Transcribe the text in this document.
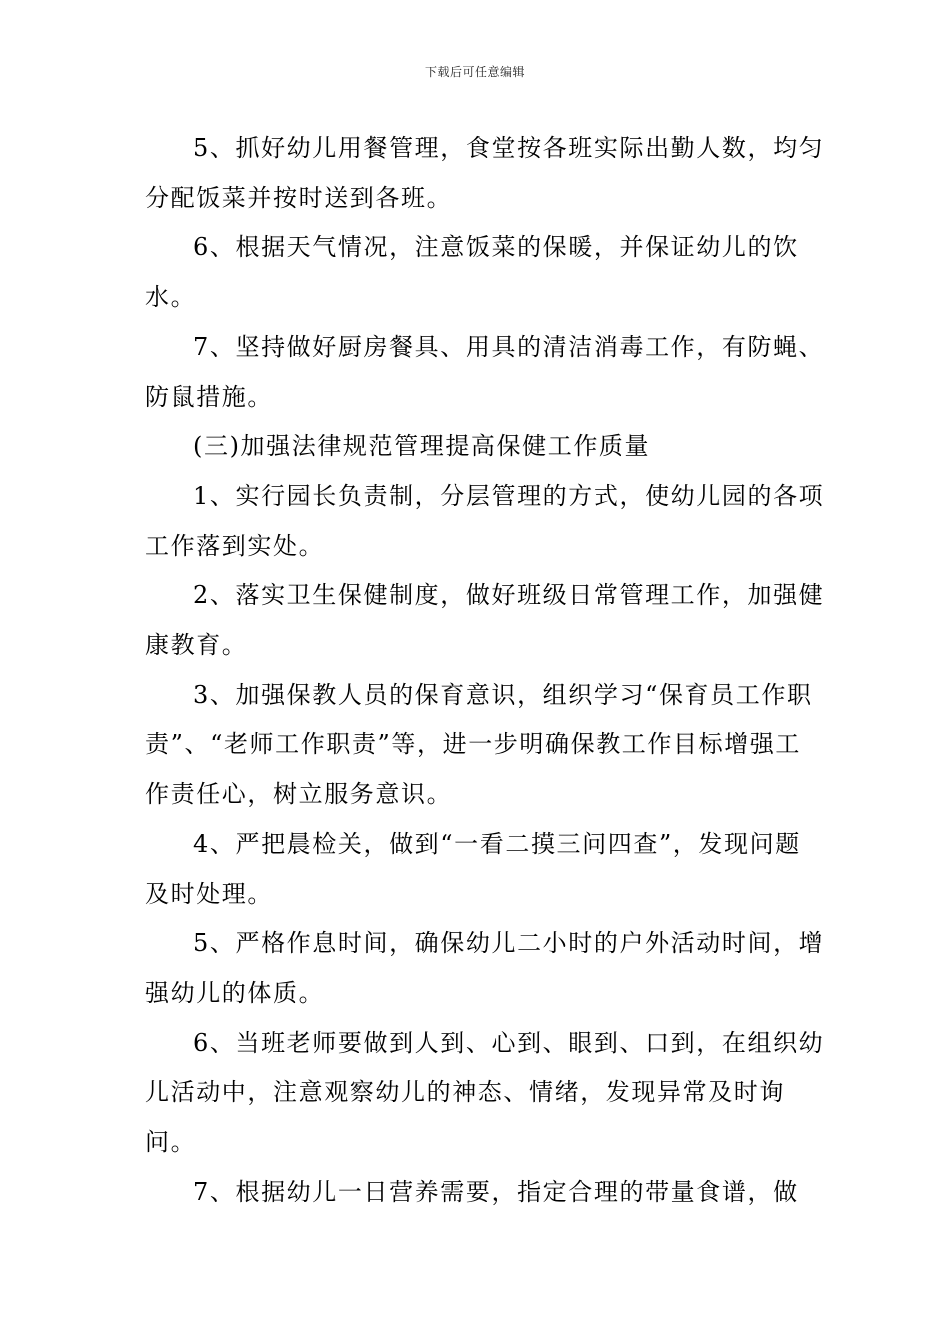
下载后可任意编辑

5、抓好幼儿用餐管理，食堂按各班实际出勤人数，均匀分配饭菜并按时送到各班。

6、根据天气情况，注意饭菜的保暖，并保证幼儿的饮水。

7、坚持做好厨房餐具、用具的清洁消毒工作，有防蝇、防鼠措施。

(三)加强法律规范管理提高保健工作质量

1、实行园长负责制，分层管理的方式，使幼儿园的各项工作落到实处。

2、落实卫生保健制度，做好班级日常管理工作，加强健康教育。

3、加强保教人员的保育意识，组织学习“保育员工作职责”、“老师工作职责”等，进一步明确保教工作目标增强工作责任心，树立服务意识。

4、严把晨检关，做到“一看二摸三问四查”，发现问题及时处理。

5、严格作息时间，确保幼儿二小时的户外活动时间，增强幼儿的体质。

6、当班老师要做到人到、心到、眼到、口到，在组织幼儿活动中，注意观察幼儿的神态、情绪，发现异常及时询问。

7、根据幼儿一日营养需要，指定合理的带量食谱，做
